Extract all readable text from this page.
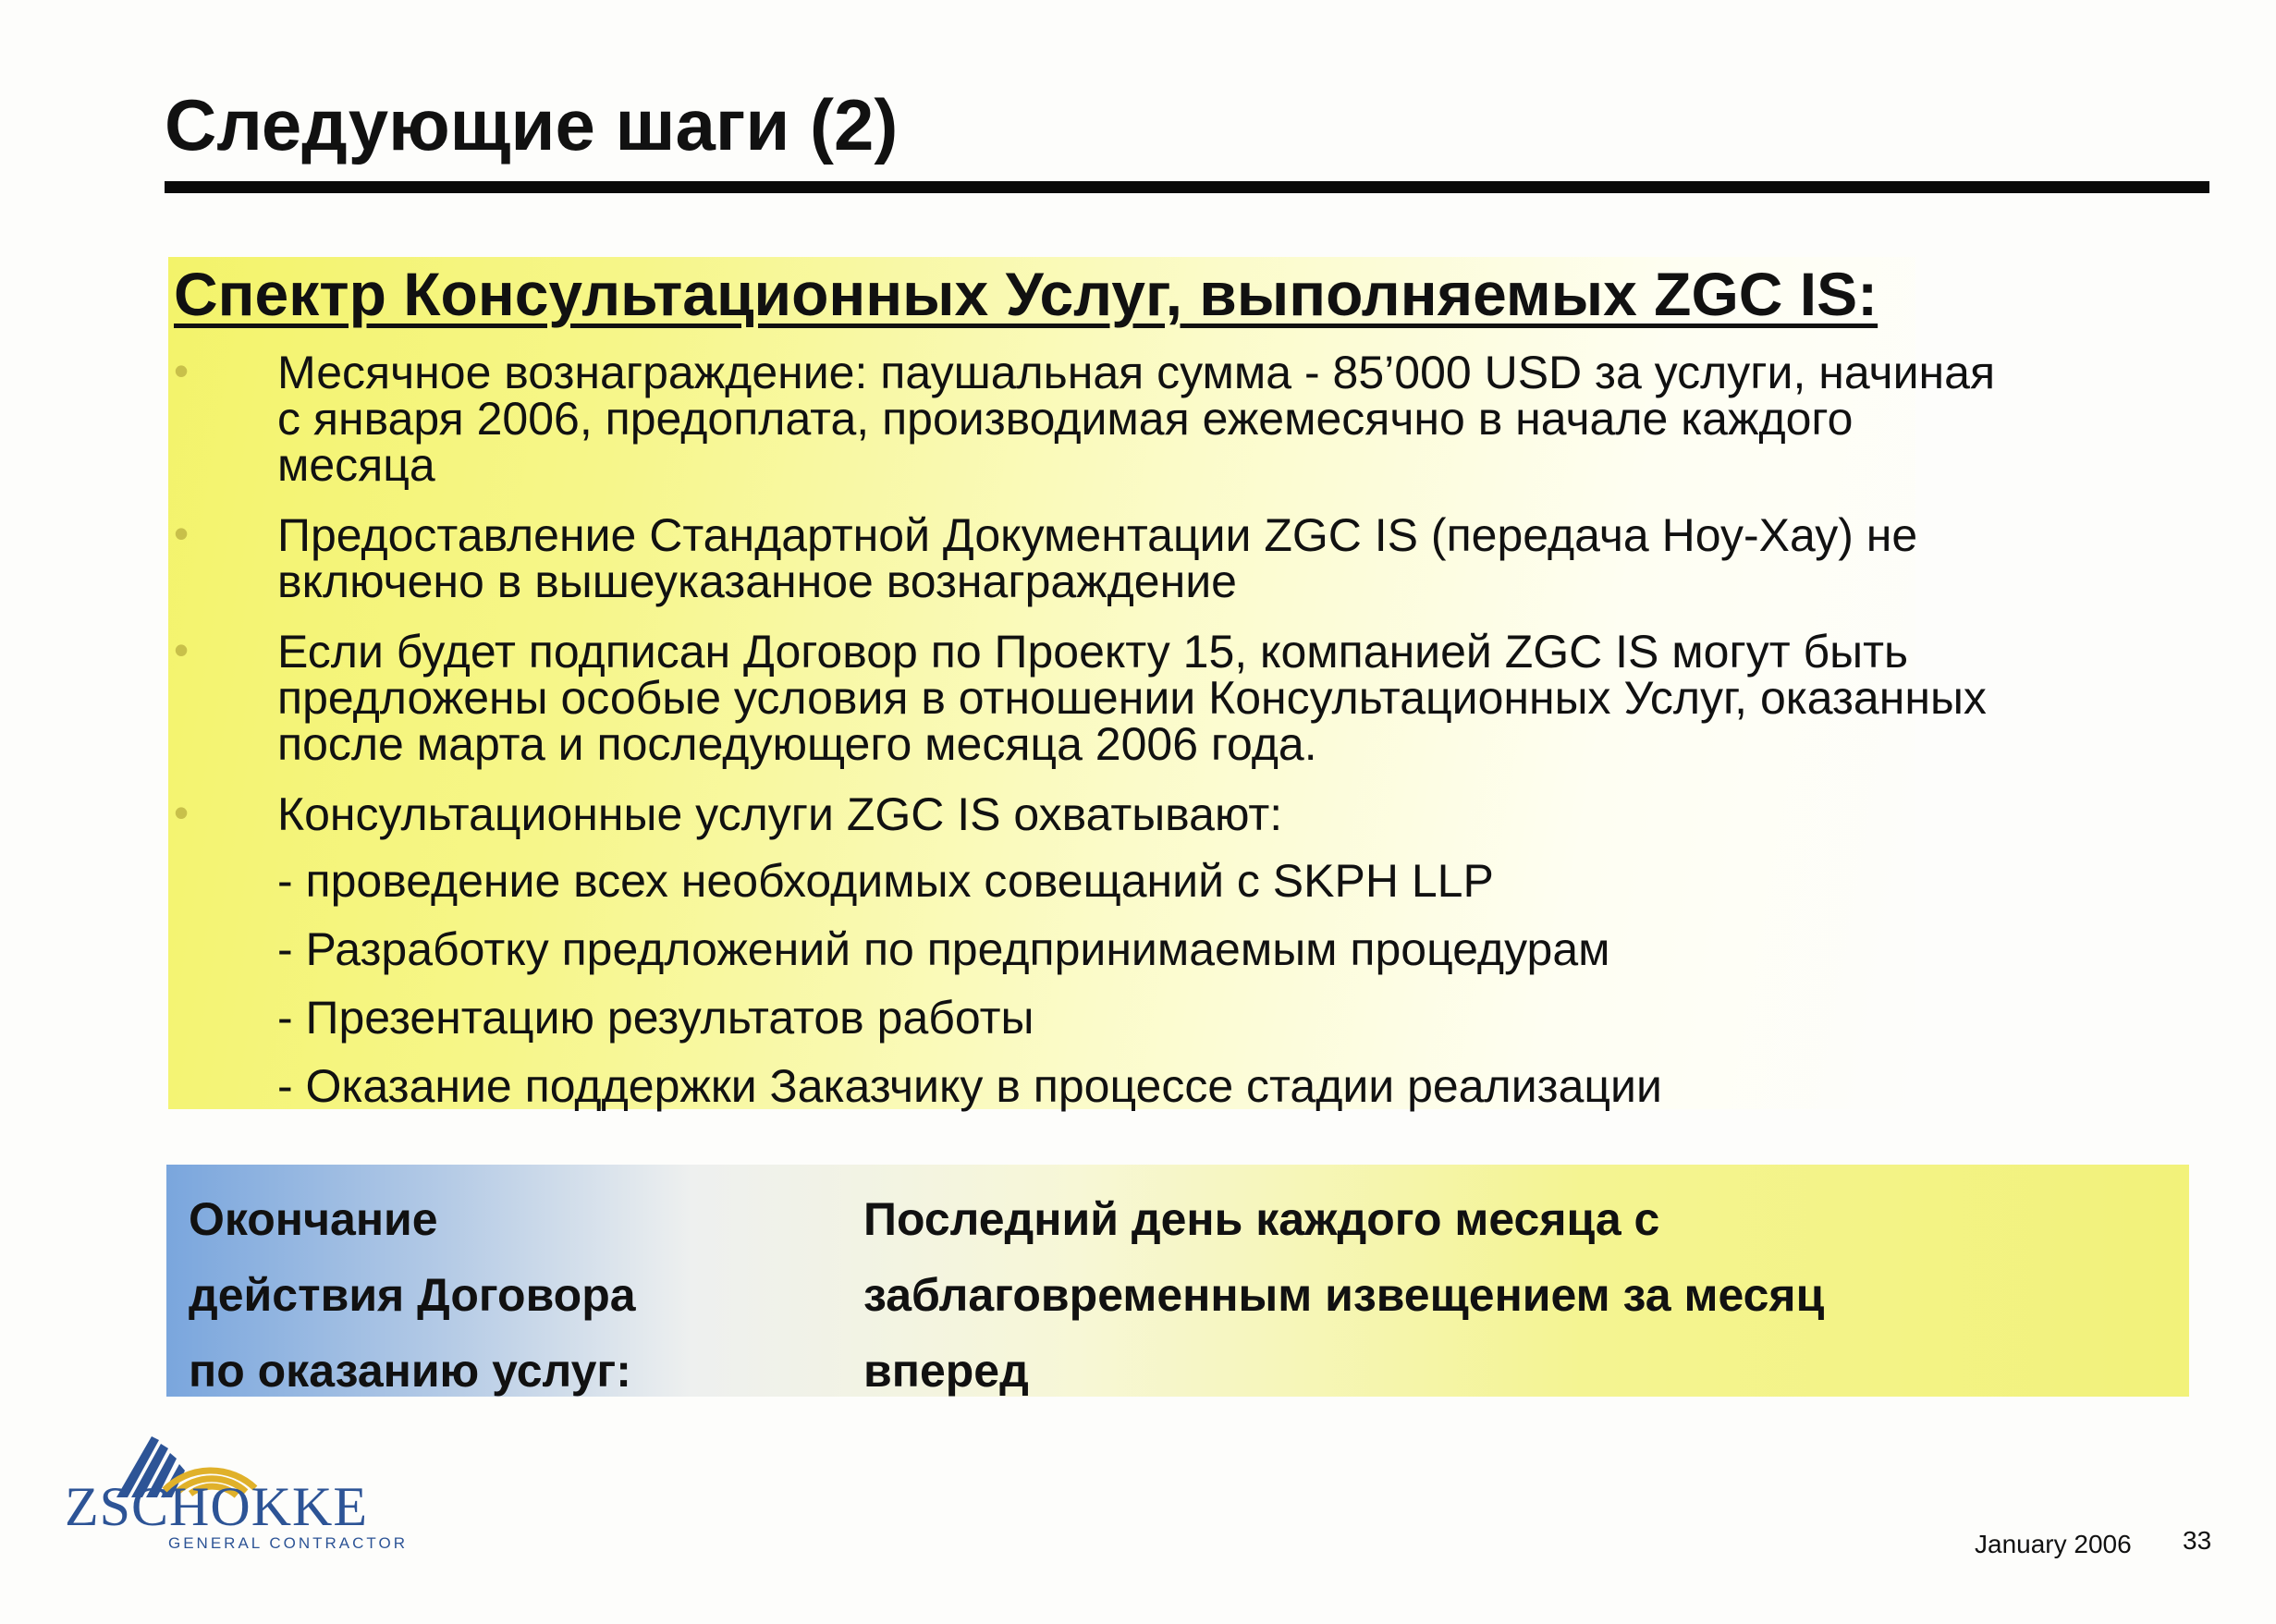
Следующие шаги (2)
Спектр Консультационных Услуг, выполняемых ZGC IS:
• Месячное вознаграждение: паушальная сумма - 85’000 USD за услуги, начиная
с января 2006, предоплата, производимая ежемесячно в начале каждого
месяца
• Предоставление Стандартной Документации ZGC IS (передача Ноу-Хау) не
включено в вышеуказанное вознаграждение
• Если будет подписан Договор по Проекту 15, компанией ZGC IS могут быть
предложены особые условия в отношении Консультационных Услуг, оказанных
после марта и последующего месяца 2006 года.
• Консультационные услуги ZGC IS охватывают:
- проведение всех необходимых совещаний с SKPH LLP
- Разработку предложений по предпринимаемым процедурам
- Презентацию результатов работы
- Оказание поддержки Заказчику в процессе стадии реализации
Окончание
действия Договора
по оказанию услуг:
Последний день каждого месяца с
заблаговременным извещением за месяц
вперед

ZSCHOKKE

GENERAL CONTRACTOR	January 2006 33
